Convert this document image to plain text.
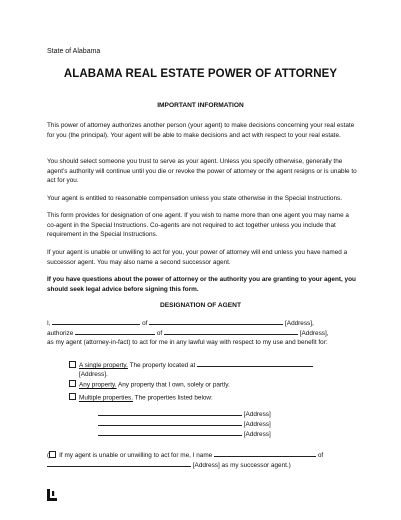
State of Alabama
ALABAMA REAL ESTATE POWER OF ATTORNEY
IMPORTANT INFORMATION

This power of attorney authorizes another person (your agent) to make decisions concerning your real estate for you (the principal). Your agent will be able to make decisions and act with respect to your real estate.

You should select someone you trust to serve as your agent. Unless you specify otherwise, generally the agent’s authority will continue until you die or revoke the power of attorney or the agent resigns or is unable to act for you.

Your agent is entitled to reasonable compensation unless you state otherwise in the Special Instructions.

This form provides for designation of one agent. If you wish to name more than one agent you may name a co-agent in the Special Instructions. Co-agents are not required to act together unless you include that requirement in the Special Instructions.

If your agent is unable or unwilling to act for you, your power of attorney will end unless you have named a successor agent. You may also name a second successor agent.

If you have questions about the power of attorney or the authority you are granting to your agent, you should seek legal advice before signing this form.

DESIGNATION OF AGENT
I,	of	[Address],
authorize	of	[Address],
as my agent (attorney-in-fact) to act for me in any lawful way with respect to my use and benefit for:
A single property. The property located at
[Address].
Any property. Any property that I own, solely or partly.
Multiple properties. The properties listed below:
[Address]
[Address]
[Address]
( If my agent is unable or unwilling to act for me, I name	of
[Address] as my successor agent.)
